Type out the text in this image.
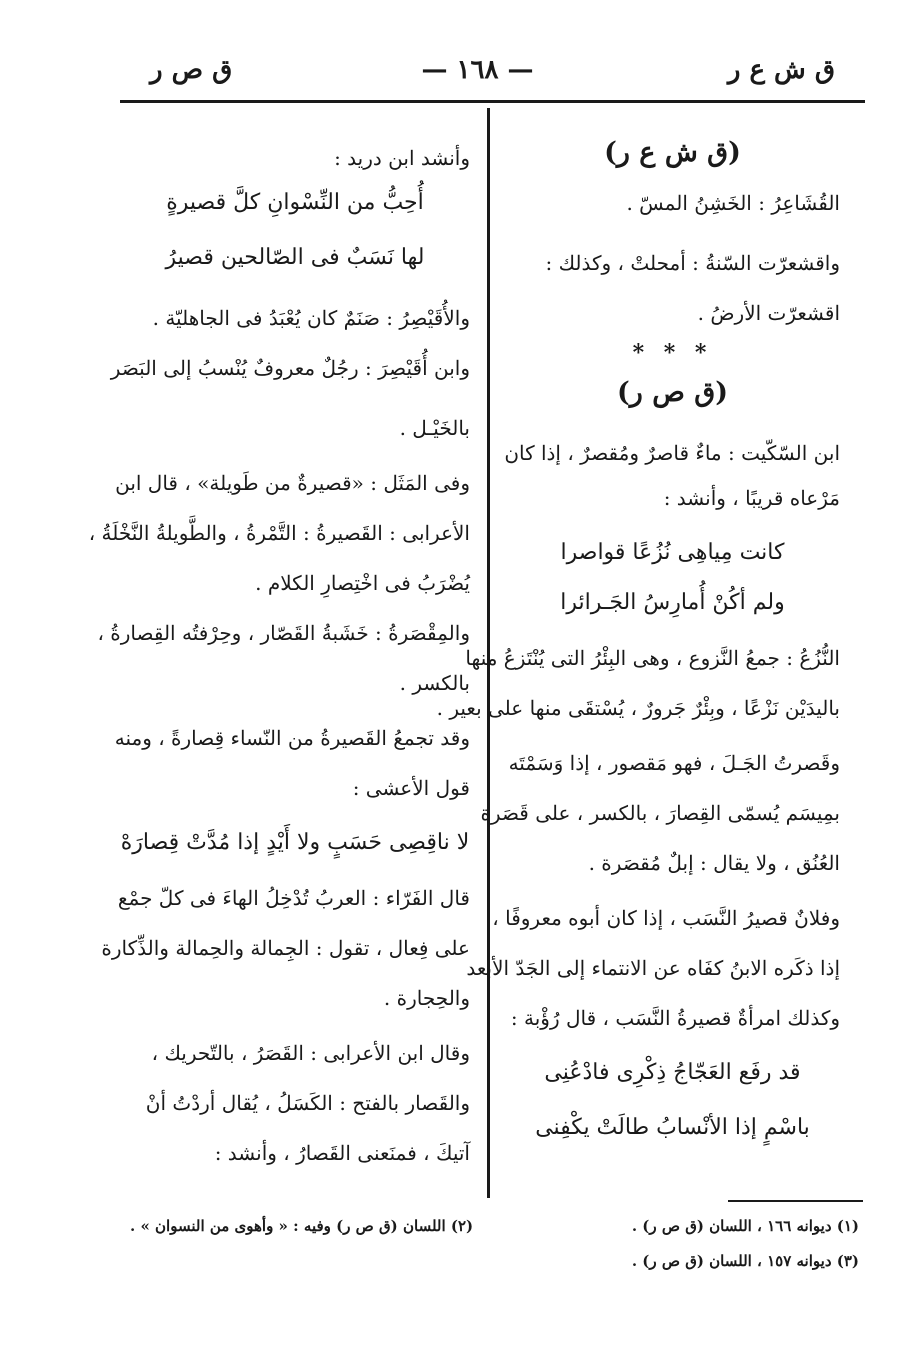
ق ش ع ر
— ١٦٨ —
ق ص ر
(ق ش ع ر)
القُشَاعِرُ : الخَشِنُ المسّ .
واقشعرّت السّنةُ : أمحلتْ ، وكذلك :
اقشعرّت الأرضُ .
* * *
(ق ص ر)
ابن السّكّيت : ماءٌ قاصرٌ ومُقصرٌ ، إذا كان
مَرْعاه قريبًا ، وأنشد :
كانت مِياهِى نُزُعًا قواصرا
ولم أكُنْ أُمارِسُ الجَـرائرا
النُّزُعُ : جمعُ النَّزوع ، وهى البِئْرُ التى يُنْتَزعُ منها
باليدَيْن نَزْعًا ، وبِئْرٌ جَرورٌ ، يُسْتقَى منها على بعير .
وقَصرتُ الجَـلَ ، فهو مَقصور ، إذا وَسَمْتَه
بمِيسَم يُسمّى القِصارَ ، بالكسر ، على قَصَرة
العُنُق ، ولا يقال : إبلٌ مُقصَرة .
وفلانٌ قصيرُ النَّسَب ، إذا كان أبوه معروفًا ،
إذا ذكَره الابنُ كفَاه عن الانتماء إلى الجَدّ الأبعد
وكذلك امرأةٌ قصيرةُ النَّسَب ، قال رُؤْبة :
قد رفَع العَجّاجُ ذِكْرِى فادْعُنِى
باسْمٍ إذا الأنْسابُ طالَتْ يكْفِنى
وأنشد ابن دريد :
أُحِبُّ من النِّسْوانِ كلَّ قصيرةٍ
لها نَسَبٌ فى الصّالحين قصيرُ
والأُقَيْصِرُ : صَنَمٌ كان يُعْبَدُ فى الجاهليّة .
وابن أُقَيْصِرَ : رجُلٌ معروفٌ يُنْسبُ إلى البَصَر
بالخَيْـل .
وفى المَثَل : «قصيرةٌ من طَويلة» ، قال ابن
الأعرابى : القَصيرةُ : التَّمْرةُ ، والطَّويلةُ النَّخْلَةُ ،
يُضْرَبُ فى اخْتِصارِ الكلام .
والمِقْصَرةُ : خَشَبةُ القَصّار ، وحِرْفتُه القِصارةُ ،
بالكسر .
وقد تجمعُ القَصيرةُ من النّساء قِصارةً ، ومنه
قول الأعشى :
لا ناقِصِى حَسَبٍ ولا أَيْدٍ إذا مُدَّتْ قِصارَهْ
قال الفَرّاء : العربُ تُدْخِلُ الهاءَ فى كلّ جمْع
على فِعال ، تقول : الجِمالة والحِمالة والذِّكارة
والحِجارة .
وقال ابن الأعرابى : القَصَرُ ، بالتّحريك ،
والقَصار بالفتح : الكَسَلُ ، يُقال أردْتُ أنْ
آتيكَ ، فمنَعنى القَصارُ ، وأنشد :
(١) ديوانه ١٦٦ ، اللسان (ق ص ر) .
(٣) ديوانه ١٥٧ ، اللسان (ق ص ر) .
(٢) اللسان (ق ص ر) وفيه : « وأهوى من النسوان » .
